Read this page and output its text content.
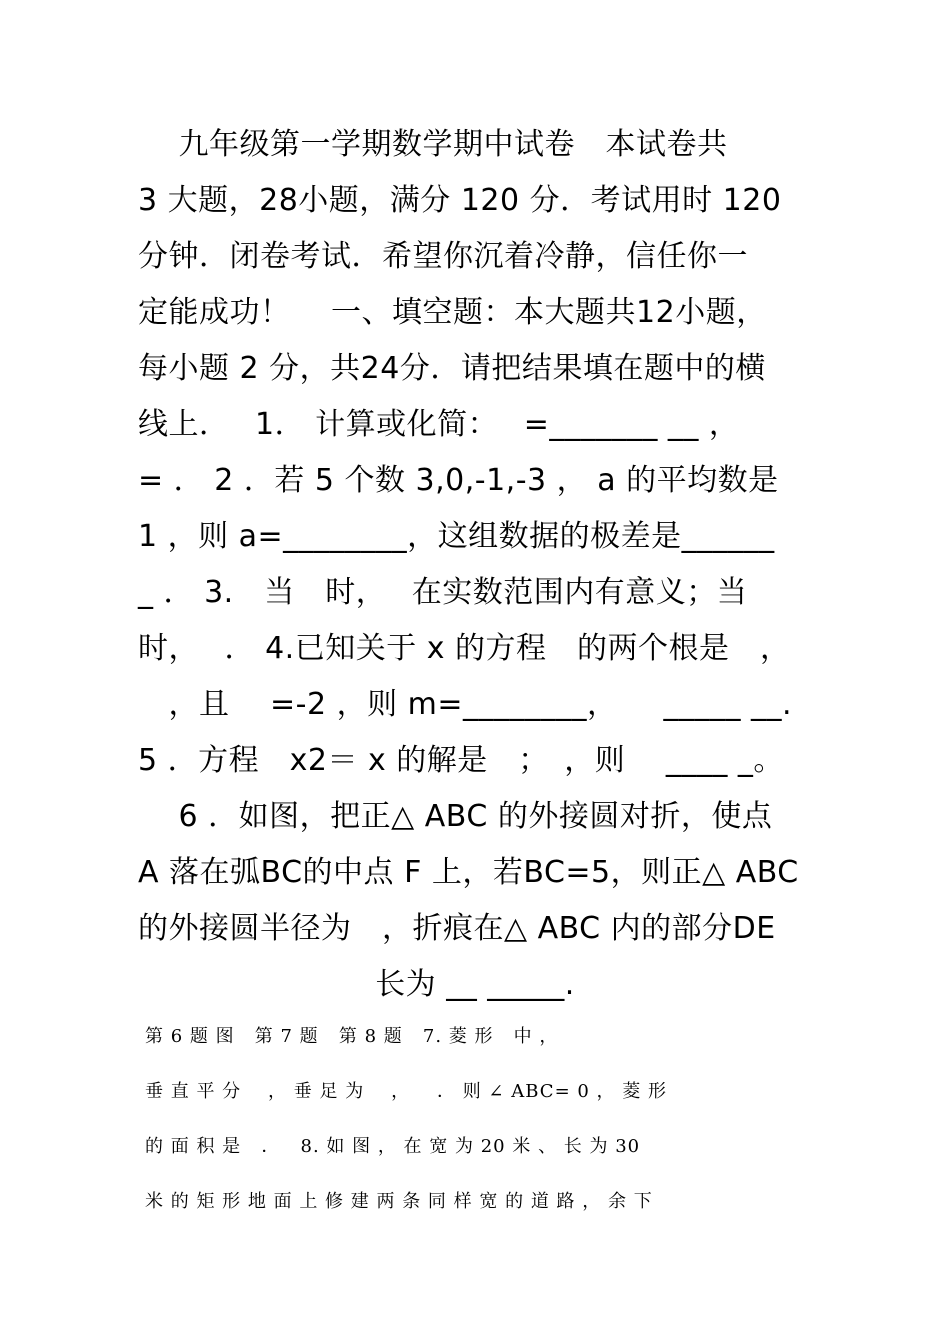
　 九年级第一学期数学期中试卷　本试卷共
3 大题，28小题，满分 120 分．考试用时 120
分钟．闭卷考试．希望你沉着冷静，信任你一
定能成功！　 一、填空题：本大题共12小题，
每小题 2 分，共24分．请把结果填在题中的横
线上．　 1． 计算或化简：　 =_______ __ ，
= ． 2 ．若 5 个数 3,0,-1,-3 ， a 的平均数是
1 ，则 a=________，这组数据的极差是______
_ ． 3.　当　时，　 在实数范围内有意义；当
时，　 ． 4.已知关于 x 的方程　的两个根是　，
　，且　 =-2 ，则 m=________，　　_____ __.
5 ．方程　x2＝ x 的解是　；　，则　 ____ _。
　 6 ．如图，把正△ ABC 的外接圆对折，使点
A 落在弧BC的中点 F 上，若BC=5，则正△ ABC
的外接圆半径为　，折痕在△ ABC 内的部分DE
长为 __ _____.
第 6 题 图   第 7 题   第 8 题   7. 菱 形   中 ，
垂 直 平 分    ， 垂 足 为    ，    ． 则 ∠ ABC= 0 ， 菱 形
的 面 积 是   ．   8. 如 图 ， 在 宽 为 20 米 、 长 为 30
米 的 矩 形 地 面 上 修 建 两 条 同 样 宽 的 道 路 ， 余 下
